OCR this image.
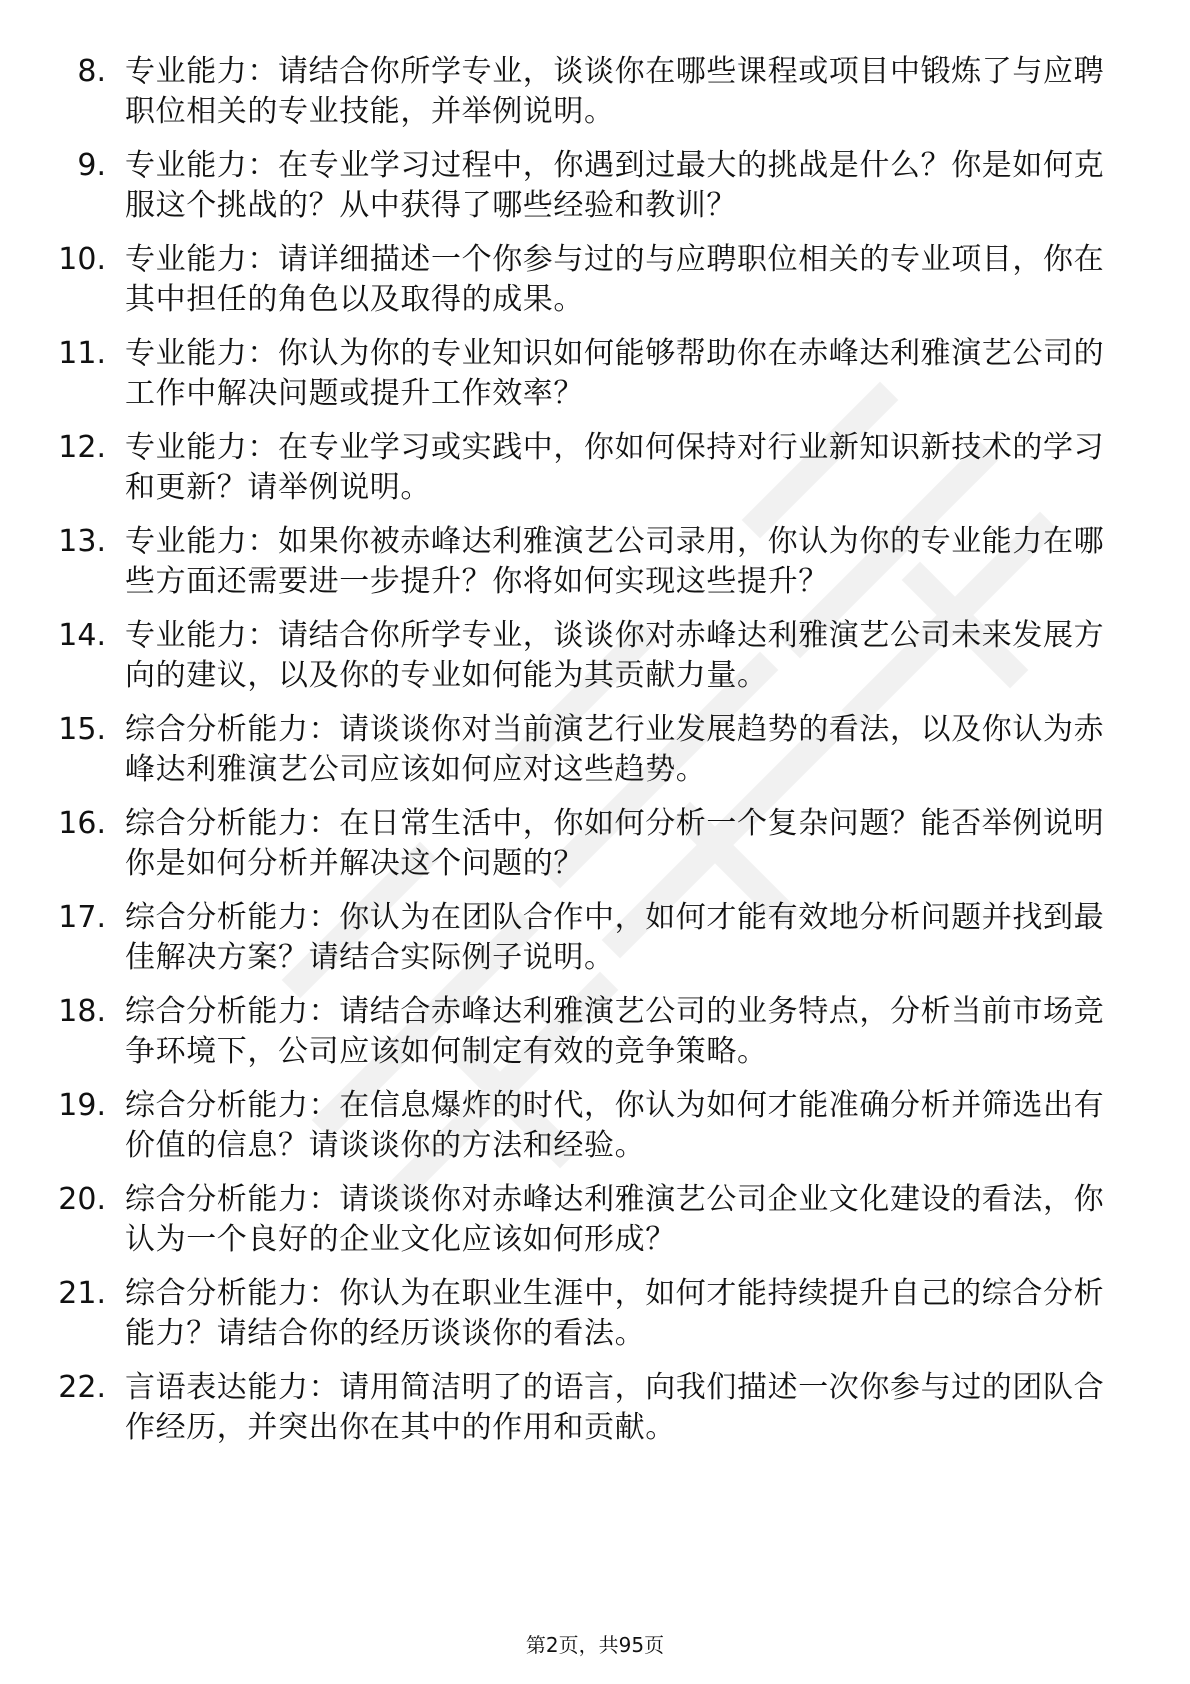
8. 专业能力：请结合你所学专业，谈谈你在哪些课程或项目中锻炼了与应聘职位相关的专业技能，并举例说明。
9. 专业能力：在专业学习过程中，你遇到过最大的挑战是什么？你是如何克服这个挑战的？从中获得了哪些经验和教训？
10. 专业能力：请详细描述一个你参与过的与应聘职位相关的专业项目，你在其中担任的角色以及取得的成果。
11. 专业能力：你认为你的专业知识如何能够帮助你在赤峰达利雅演艺公司的工作中解决问题或提升工作效率？
12. 专业能力：在专业学习或实践中，你如何保持对行业新知识新技术的学习和更新？请举例说明。
13. 专业能力：如果你被赤峰达利雅演艺公司录用，你认为你的专业能力在哪些方面还需要进一步提升？你将如何实现这些提升？
14. 专业能力：请结合你所学专业，谈谈你对赤峰达利雅演艺公司未来发展方向的建议，以及你的专业如何能为其贡献力量。
15. 综合分析能力：请谈谈你对当前演艺行业发展趋势的看法，以及你认为赤峰达利雅演艺公司应该如何应对这些趋势。
16. 综合分析能力：在日常生活中，你如何分析一个复杂问题？能否举例说明你是如何分析并解决这个问题的？
17. 综合分析能力：你认为在团队合作中，如何才能有效地分析问题并找到最佳解决方案？请结合实际例子说明。
18. 综合分析能力：请结合赤峰达利雅演艺公司的业务特点，分析当前市场竞争环境下，公司应该如何制定有效的竞争策略。
19. 综合分析能力：在信息爆炸的时代，你认为如何才能准确分析并筛选出有价值的信息？请谈谈你的方法和经验。
20. 综合分析能力：请谈谈你对赤峰达利雅演艺公司企业文化建设的看法，你认为一个良好的企业文化应该如何形成？
21. 综合分析能力：你认为在职业生涯中，如何才能持续提升自己的综合分析能力？请结合你的经历谈谈你的看法。
22. 言语表达能力：请用简洁明了的语言，向我们描述一次你参与过的团队合作经历，并突出你在其中的作用和贡献。
第2页，共95页
